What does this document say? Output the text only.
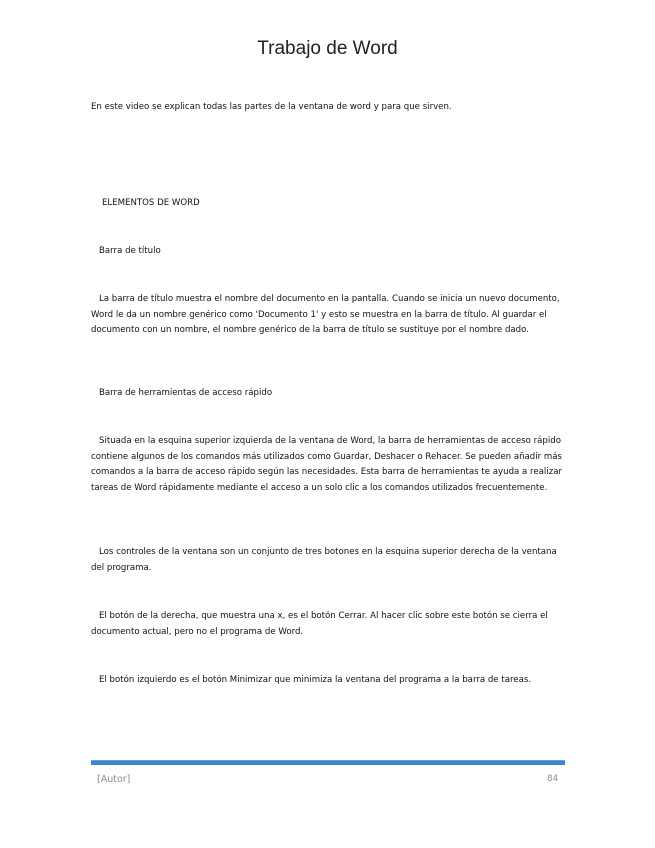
Trabajo de Word

En este video se explican todas las partes de la ventana de word y para que sirven.

ELEMENTOS DE WORD

Barra de título

La barra de título muestra el nombre del documento en la pantalla. Cuando se inicia un nuevo documento, Word le da un nombre genérico como 'Documento 1' y esto se muestra en la barra de título. Al guardar el documento con un nombre, el nombre genérico de la barra de título se sustituye por el nombre dado.

Barra de herramientas de acceso rápido

Situada en la esquina superior izquierda de la ventana de Word, la barra de herramientas de acceso rápido contiene algunos de los comandos más utilizados como Guardar, Deshacer o Rehacer. Se pueden añadir más comandos a la barra de acceso rápido según las necesidades. Esta barra de herramientas te ayuda a realizar tareas de Word rápidamente mediante el acceso a un solo clic a los comandos utilizados frecuentemente.

Los controles de la ventana son un conjunto de tres botones en la esquina superior derecha de la ventana del programa.

El botón de la derecha, que muestra una x, es el botón Cerrar. Al hacer clic sobre este botón se cierra el documento actual, pero no el programa de Word.

El botón izquierdo es el botón Minimizar que minimiza la ventana del programa a la barra de tareas.

[Autor]	84
